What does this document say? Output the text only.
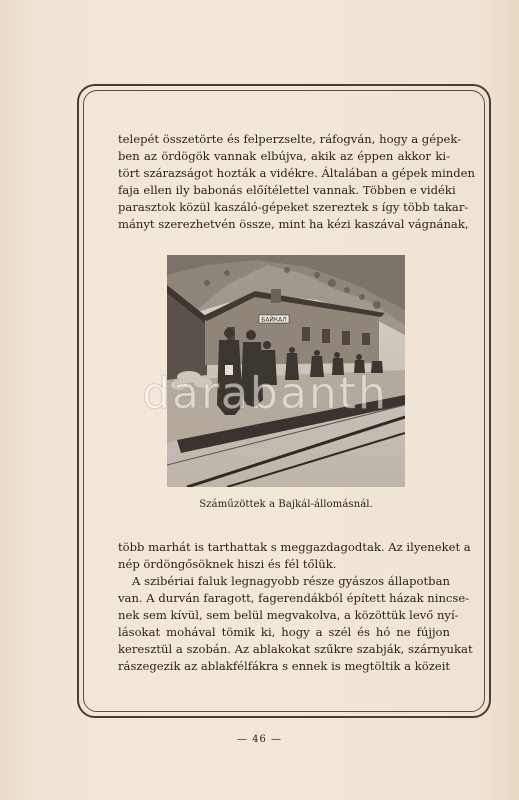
telepét összetörte és felperzselte, ráfogván, hogy a gépek-
ben az ördögök vannak elbújva, akik az éppen akkor ki-
tört szárazságot hozták a vidékre. Általában a gépek minden
faja ellen ily babonás előítélettel vannak. Többen e vidéki
parasztok közül kaszáló-gépeket szereztek s így több takar-
mányt szerezhetvén össze, mint ha kézi kaszával vágnának,
БАЙКАЛ
Száműzöttek a Bajkál-állomásnál.
több marhát is tarthattak s meggazdagodtak. Az ilyeneket a
nép ördöngősöknek hiszi és fél tőlük.
A szibériai faluk legnagyobb része gyászos állapotban
van. A durván faragott, fagerendákból épített házak nincse-
nek sem kívül, sem belül megvakolva, a közöttük levő nyí-
lásokat mohával tömik ki, hogy a szél és hó ne fújjon
keresztül a szobán. Az ablakokat szűkre szabják, szárnyukat
rászegezik az ablakfélfákra s ennek is megtöltik a közeit
— 46 —
darabanth
